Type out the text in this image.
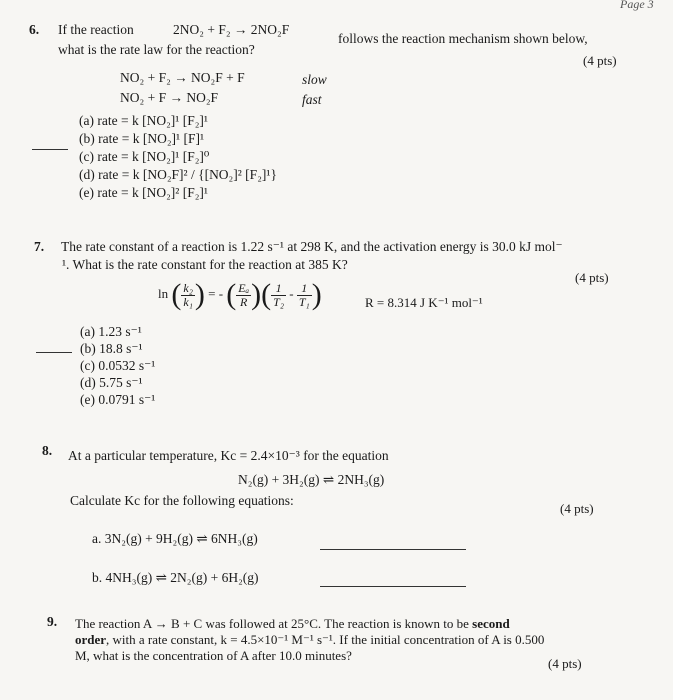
Page 3
6. If the reaction	2NO₂ + F₂ → 2NO₂F
follows the reaction mechanism shown below,
what is the rate law for the reaction?
(4 pts)
NO₂ + F₂ → NO₂F + F	slow
NO₂ + F → NO₂F	fast
(a) rate = k [NO₂]¹ [F₂]¹
(b) rate = k [NO₂]¹ [F]¹
(c) rate = k [NO₂]¹ [F₂]⁰
(d) rate = k [NO₂F]² / {[NO₂]² [F₂]¹}
(e) rate = k [NO₂]² [F₂]¹
7. The rate constant of a reaction is 1.22 s⁻¹ at 298 K, and the activation energy is 30.0 kJ mol⁻
¹. What is the rate constant for the reaction at 385 K?
(4 pts)
ln ( $\frac{\text{k₂}}{\text{k₁}}$ ) = - ( $\frac{\text{Eₐ}}{R}$ )( $\frac{1}{\text{T₂}} - \frac{1}{\text{T₁}}$ )	R = 8.314 J K⁻¹ mol⁻¹
(a) 1.23 s⁻¹
(b) 18.8 s⁻¹
(c) 0.0532 s⁻¹
(d) 5.75 s⁻¹
(e) 0.0791 s⁻¹
8. At a particular temperature, Kc = 2.4×10⁻³ for the equation
N₂(g) + 3H₂(g) ⇌ 2NH₃(g)
Calculate Kc for the following equations:
(4 pts)
a. 3N₂(g) + 9H₂(g) ⇌ 6NH₃(g)
b. 4NH₃(g) ⇌ 2N₂(g) + 6H₂(g)
9. The reaction A → B + C was followed at 25°C. The reaction is known to be second
order, with a rate constant, k = 4.5×10⁻¹ M⁻¹ s⁻¹. If the initial concentration of A is 0.500
M, what is the concentration of A after 10.0 minutes?
(4 pts)
